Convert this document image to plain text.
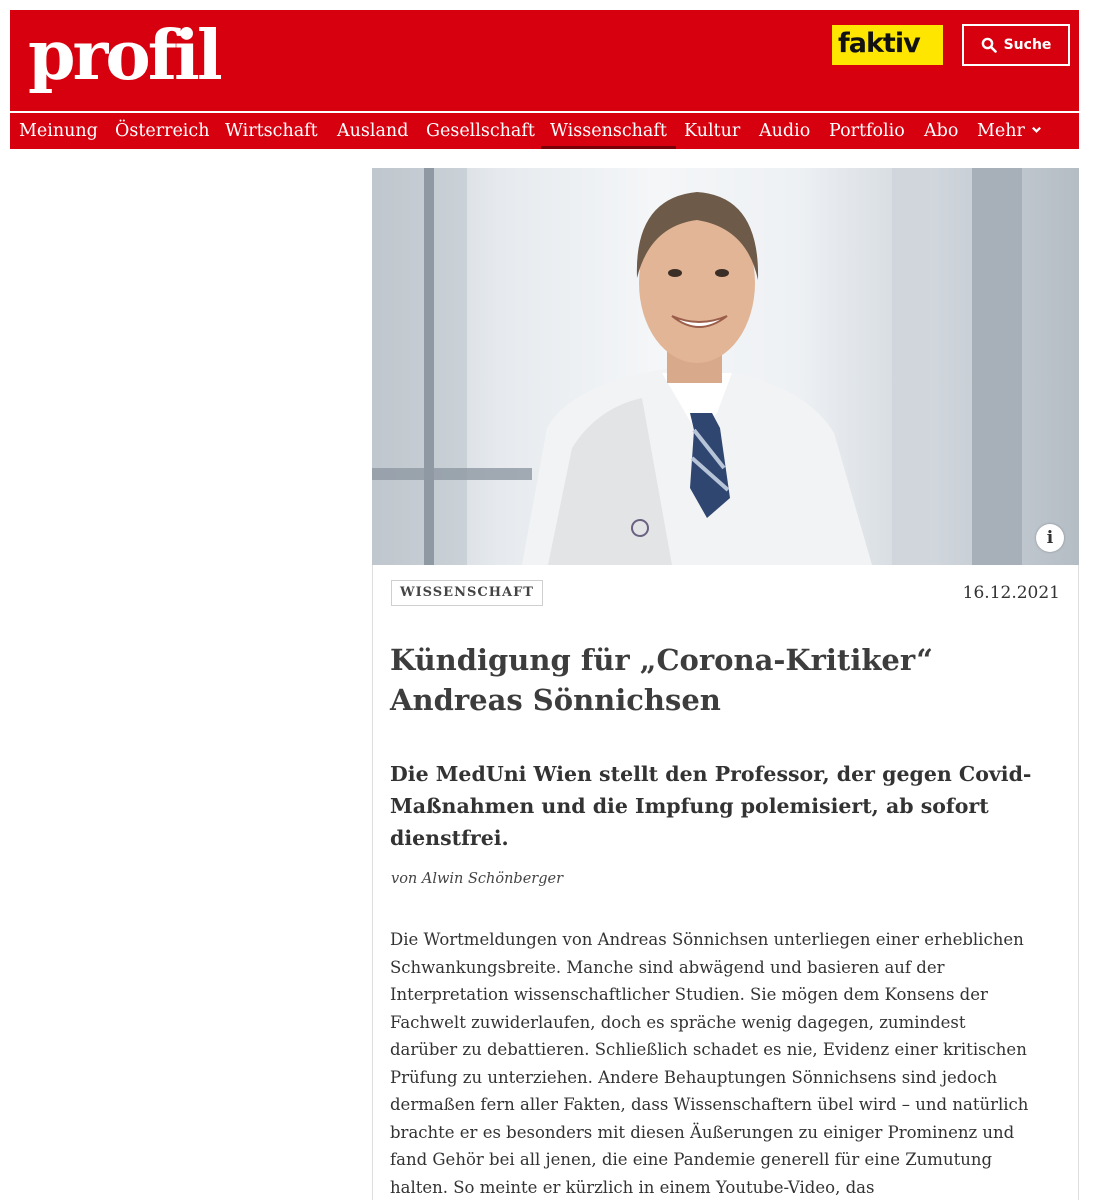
profil	faktiv	Suche
Meinung Österreich Wirtschaft Ausland Gesellschaft Wissenschaft Kultur Audio Portfolio Abo Mehr
i
WISSENSCHAFT	16.12.2021
Kündigung für „Corona-Kritiker“
Andreas Sönnichsen
Die MedUni Wien stellt den Professor, der gegen Covid-
Maßnahmen und die Impfung polemisiert, ab sofort
dienstfrei.
von Alwin Schönberger
Die Wortmeldungen von Andreas Sönnichsen unterliegen einer erheblichen
Schwankungsbreite. Manche sind abwägend und basieren auf der
Interpretation wissenschaftlicher Studien. Sie mögen dem Konsens der
Fachwelt zuwiderlaufen, doch es spräche wenig dagegen, zumindest
darüber zu debattieren. Schließlich schadet es nie, Evidenz einer kritischen
Prüfung zu unterziehen. Andere Behauptungen Sönnichsens sind jedoch
dermaßen fern aller Fakten, dass Wissenschaftern übel wird – und natürlich
brachte er es besonders mit diesen Äußerungen zu einiger Prominenz und
fand Gehör bei all jenen, die eine Pandemie generell für eine Zumutung
halten. So meinte er kürzlich in einem Youtube-Video, das
